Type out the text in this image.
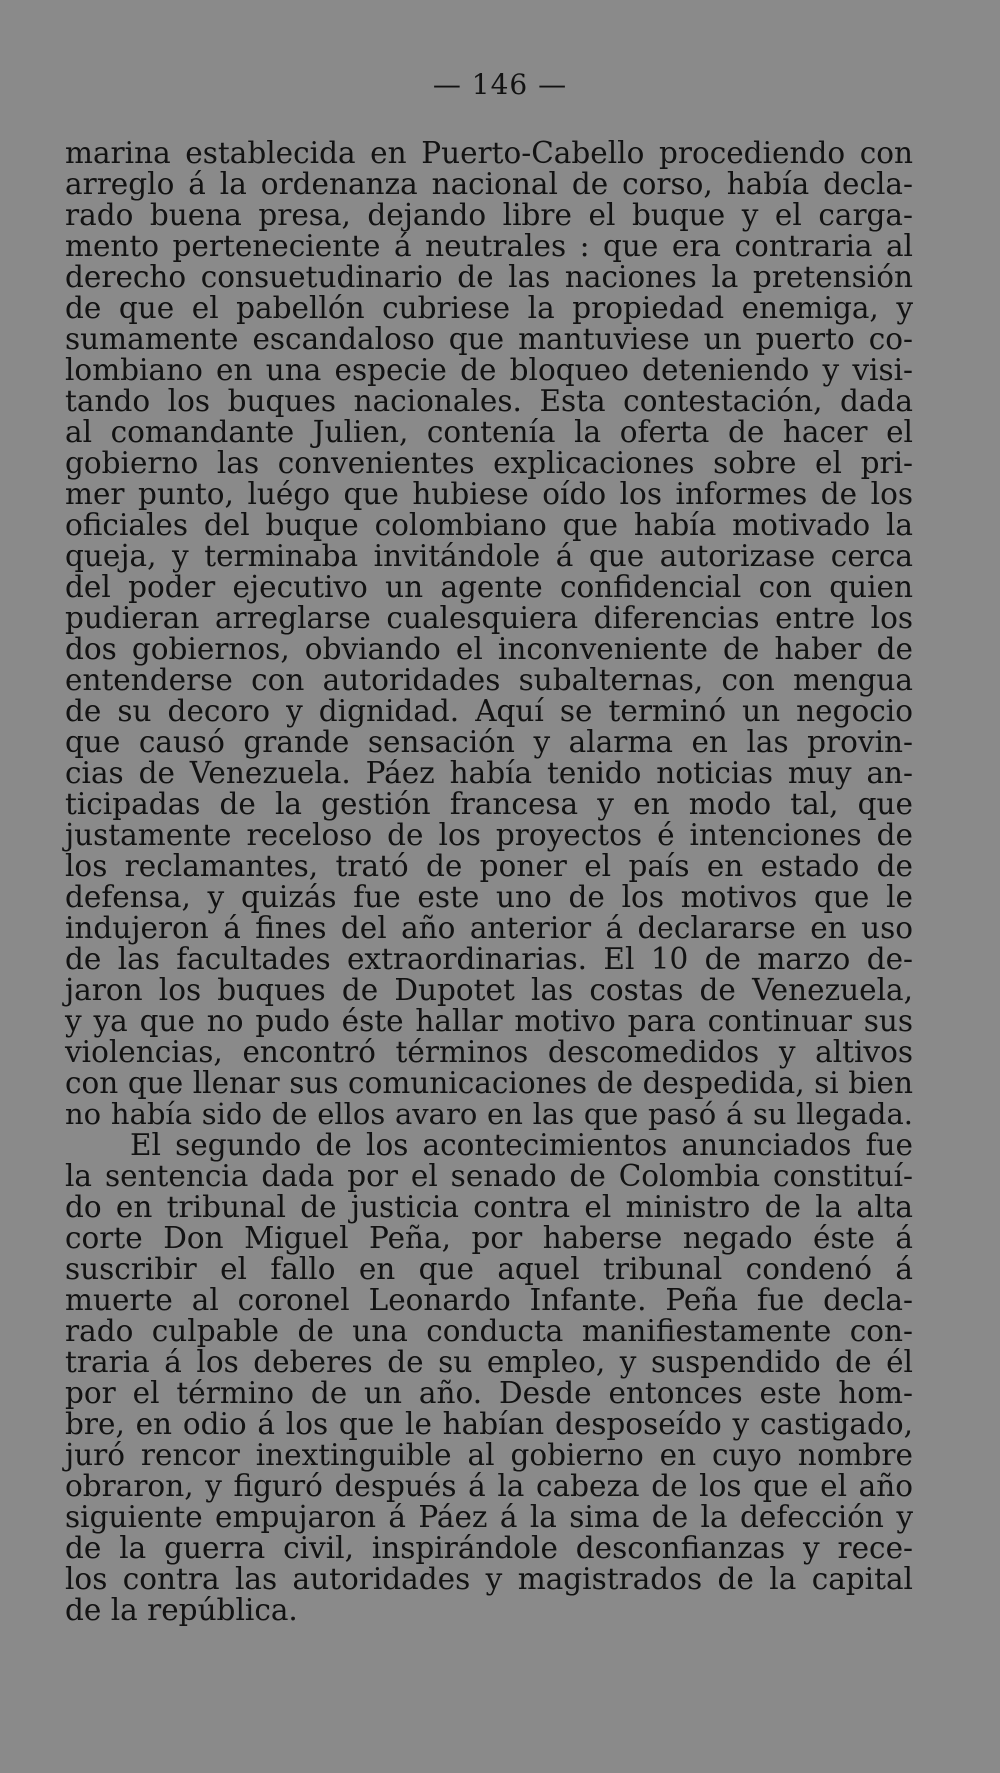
— 146 —
marina establecida en Puerto-Cabello procediendo con
arreglo á la ordenanza nacional de corso, había decla-
rado buena presa, dejando libre el buque y el carga-
mento perteneciente á neutrales : que era contraria al
derecho consuetudinario de las naciones la pretensión
de que el pabellón cubriese la propiedad enemiga, y
sumamente escandaloso que mantuviese un puerto co-
lombiano en una especie de bloqueo deteniendo y visi-
tando los buques nacionales. Esta contestación, dada
al comandante Julien, contenía la oferta de hacer el
gobierno las convenientes explicaciones sobre el pri-
mer punto, luégo que hubiese oído los informes de los
oficiales del buque colombiano que había motivado la
queja, y terminaba invitándole á que autorizase cerca
del poder ejecutivo un agente confidencial con quien
pudieran arreglarse cualesquiera diferencias entre los
dos gobiernos, obviando el inconveniente de haber de
entenderse con autoridades subalternas, con mengua
de su decoro y dignidad. Aquí se terminó un negocio
que causó grande sensación y alarma en las provin-
cias de Venezuela. Páez había tenido noticias muy an-
ticipadas de la gestión francesa y en modo tal, que
justamente receloso de los proyectos é intenciones de
los reclamantes, trató de poner el país en estado de
defensa, y quizás fue este uno de los motivos que le
indujeron á fines del año anterior á declararse en uso
de las facultades extraordinarias. El 10 de marzo de-
jaron los buques de Dupotet las costas de Venezuela,
y ya que no pudo éste hallar motivo para continuar sus
violencias, encontró términos descomedidos y altivos
con que llenar sus comunicaciones de despedida, si bien
no había sido de ellos avaro en las que pasó á su llegada.
El segundo de los acontecimientos anunciados fue
la sentencia dada por el senado de Colombia constituí-
do en tribunal de justicia contra el ministro de la alta
corte Don Miguel Peña, por haberse negado éste á
suscribir el fallo en que aquel tribunal condenó á
muerte al coronel Leonardo Infante. Peña fue decla-
rado culpable de una conducta manifiestamente con-
traria á los deberes de su empleo, y suspendido de él
por el término de un año. Desde entonces este hom-
bre, en odio á los que le habían desposeído y castigado,
juró rencor inextinguible al gobierno en cuyo nombre
obraron, y figuró después á la cabeza de los que el año
siguiente empujaron á Páez á la sima de la defección y
de la guerra civil, inspirándole desconfianzas y rece-
los contra las autoridades y magistrados de la capital
de la república.
